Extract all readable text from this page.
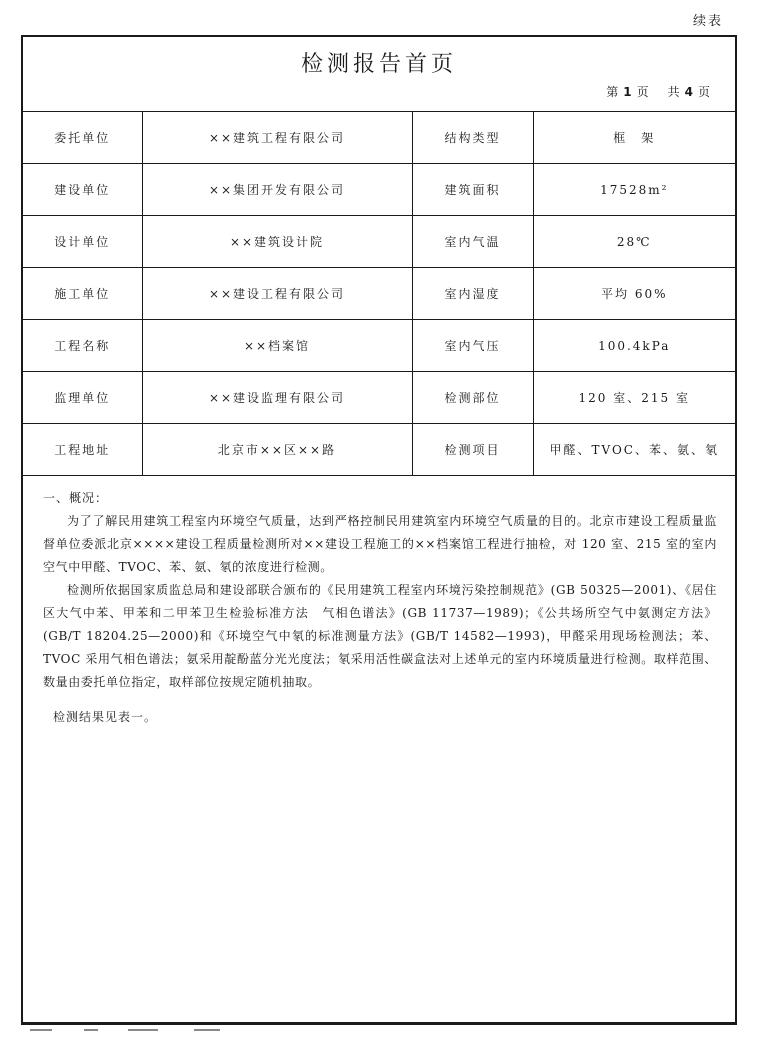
续表
检测报告首页
第 1 页 共 4 页
委托单位	××建筑工程有限公司	结构类型	框　架
建设单位	××集团开发有限公司	建筑面积	17528m²
设计单位	××建筑设计院	室内气温	28℃
施工单位	××建设工程有限公司	室内湿度	平均 60%
工程名称	××档案馆	室内气压	100.4kPa
监理单位	××建设监理有限公司	检测部位	120 室、215 室
工程地址	北京市××区××路	检测项目	甲醛、TVOC、苯、氨、氡

一、概况：

为了了解民用建筑工程室内环境空气质量，达到严格控制民用建筑室内环境空气质量的目的。北京市建设工程质量监督单位委派北京××××建设工程质量检测所对××建设工程施工的××档案馆工程进行抽检，对 120 室、215 室的室内空气中甲醛、TVOC、苯、氨、氡的浓度进行检测。

检测所依据国家质监总局和建设部联合颁布的《民用建筑工程室内环境污染控制规范》(GB 50325—2001)、《居住区大气中苯、甲苯和二甲苯卫生检验标准方法　气相色谱法》(GB 11737—1989)；《公共场所空气中氨测定方法》(GB/T 18204.25—2000)和《环境空气中氡的标准测量方法》(GB/T 14582—1993)，甲醛采用现场检测法；苯、TVOC 采用气相色谱法；氨采用靛酚蓝分光光度法；氡采用活性碳盒法对上述单元的室内环境质量进行检测。取样范围、数量由委托单位指定，取样部位按规定随机抽取。

检测结果见表一。
